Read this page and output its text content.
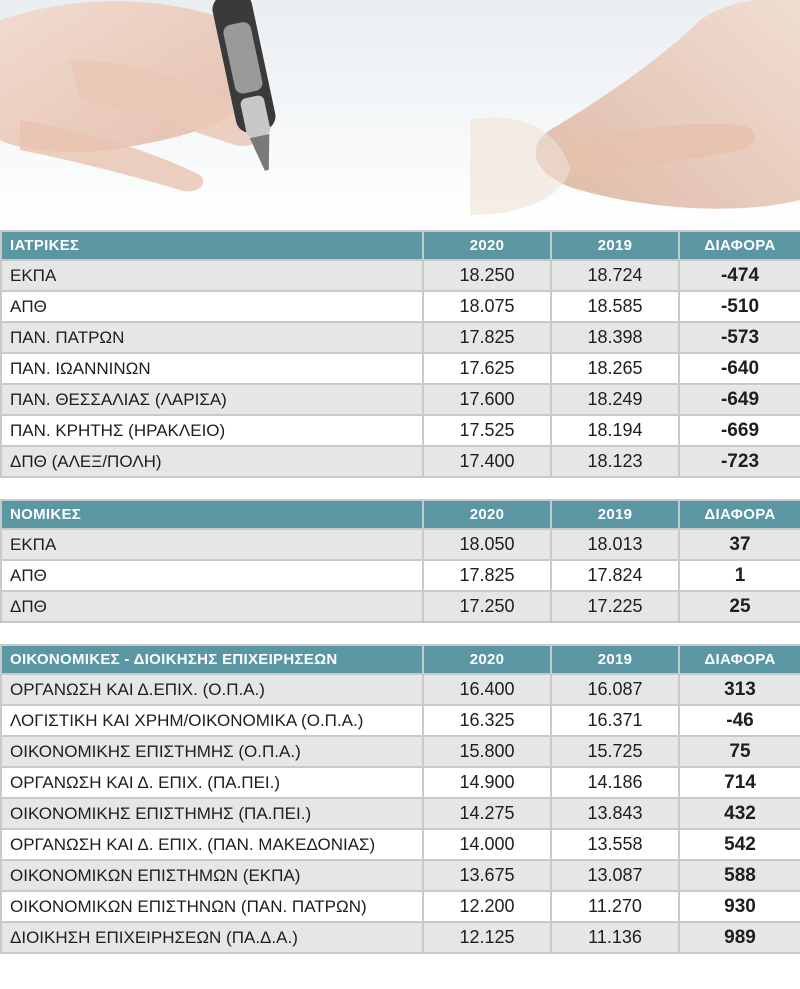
ΙΑΤΡΙΚΕΣ	2020	2019	ΔΙΑΦΟΡΑ
ΕΚΠΑ	18.250	18.724	-474
ΑΠΘ	18.075	18.585	-510
ΠΑΝ. ΠΑΤΡΩΝ	17.825	18.398	-573
ΠΑΝ. ΙΩΑΝΝΙΝΩΝ	17.625	18.265	-640
ΠΑΝ. ΘΕΣΣΑΛΙΑΣ (ΛΑΡΙΣΑ)	17.600	18.249	-649
ΠΑΝ. ΚΡΗΤΗΣ (ΗΡΑΚΛΕΙΟ)	17.525	18.194	-669
ΔΠΘ (ΑΛΕΞ/ΠΟΛΗ)	17.400	18.123	-723
ΝΟΜΙΚΕΣ	2020	2019	ΔΙΑΦΟΡΑ
ΕΚΠΑ	18.050	18.013	37
ΑΠΘ	17.825	17.824	1
ΔΠΘ	17.250	17.225	25
ΟΙΚΟΝΟΜΙΚΕΣ - ΔΙΟΙΚΗΣΗΣ ΕΠΙΧΕΙΡΗΣΕΩΝ	2020	2019	ΔΙΑΦΟΡΑ
ΟΡΓΑΝΩΣΗ ΚΑΙ Δ.ΕΠΙΧ. (Ο.Π.Α.)	16.400	16.087	313
ΛΟΓΙΣΤΙΚΗ ΚΑΙ ΧΡΗΜ/ΟΙΚΟΝΟΜΙΚΑ (Ο.Π.Α.)	16.325	16.371	-46
ΟΙΚΟΝΟΜΙΚΗΣ ΕΠΙΣΤΗΜΗΣ (Ο.Π.Α.)	15.800	15.725	75
ΟΡΓΑΝΩΣΗ ΚΑΙ Δ. ΕΠΙΧ. (ΠΑ.ΠΕΙ.)	14.900	14.186	714
ΟΙΚΟΝΟΜΙΚΗΣ ΕΠΙΣΤΗΜΗΣ (ΠΑ.ΠΕΙ.)	14.275	13.843	432
ΟΡΓΑΝΩΣΗ ΚΑΙ Δ. ΕΠΙΧ. (ΠΑΝ. ΜΑΚΕΔΟΝΙΑΣ)	14.000	13.558	542
ΟΙΚΟΝΟΜΙΚΩΝ ΕΠΙΣΤΗΜΩΝ (ΕΚΠΑ)	13.675	13.087	588
ΟΙΚΟΝΟΜΙΚΩΝ ΕΠΙΣΤΗΝΩΝ (ΠΑΝ. ΠΑΤΡΩΝ)	12.200	11.270	930
ΔΙΟΙΚΗΣΗ ΕΠΙΧΕΙΡΗΣΕΩΝ (ΠΑ.Δ.Α.)	12.125	11.136	989
